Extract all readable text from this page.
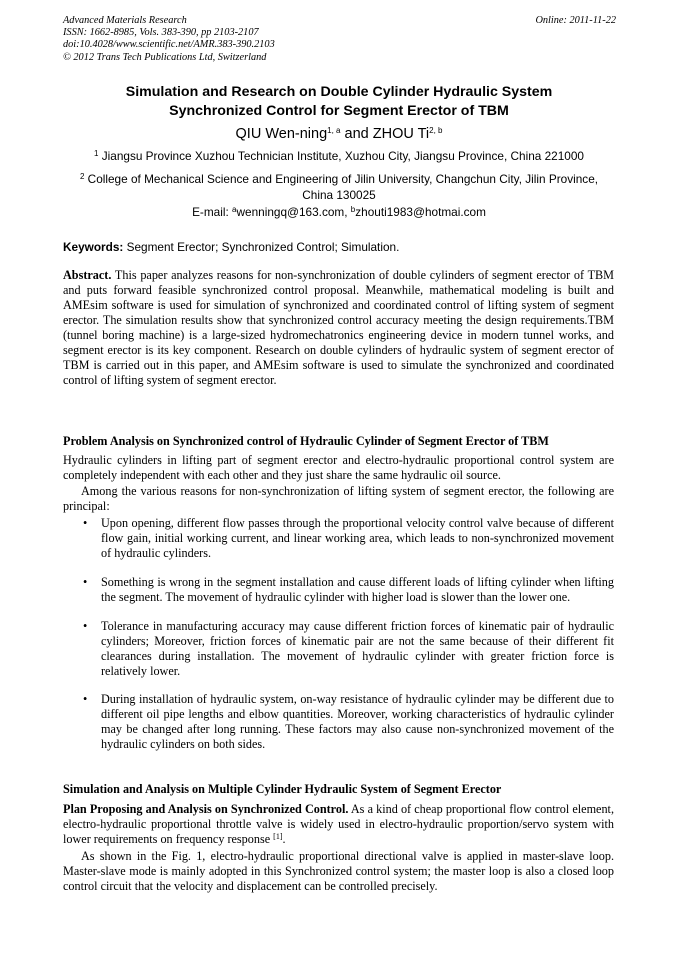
Advanced Materials Research
ISSN: 1662-8985, Vols. 383-390, pp 2103-2107
doi:10.4028/www.scientific.net/AMR.383-390.2103
© 2012 Trans Tech Publications Ltd, Switzerland
Online: 2011-11-22
Simulation and Research on Double Cylinder Hydraulic System
Synchronized Control for Segment Erector of TBM
QIU Wen-ning$^{1, a}$ and ZHOU Ti$^{2, b}$
$^1$ Jiangsu Province Xuzhou Technician Institute, Xuzhou City, Jiangsu Province, China 221000
$^2$ College of Mechanical Science and Engineering of Jilin University, Changchun City, Jilin Province,
China 130025
E-mail: $^a$wenningq@163.com, $^b$zhouti1983@hotmai.com
Keywords: Segment Erector; Synchronized Control; Simulation.
Abstract. This paper analyzes reasons for non-synchronization of double cylinders of segment erector of TBM and puts forward feasible synchronized control proposal. Meanwhile, mathematical modeling is built and AMEsim software is used for simulation of synchronized and coordinated control of lifting system of segment erector. The simulation results show that synchronized control accuracy meeting the design requirements.TBM (tunnel boring machine) is a large-sized hydromechatronics engineering device in modern tunnel works, and segment erector is its key component. Research on double cylinders of hydraulic system of segment erector of TBM is carried out in this paper, and AMEsim software is used to simulate the synchronized and coordinated control of lifting system of segment erector.
Problem Analysis on Synchronized control of Hydraulic Cylinder of Segment Erector of TBM
Hydraulic cylinders in lifting part of segment erector and electro-hydraulic proportional control system are completely independent with each other and they just share the same hydraulic oil source.
Among the various reasons for non-synchronization of lifting system of segment erector, the following are principal:
• Upon opening, different flow passes through the proportional velocity control valve because of different flow gain, initial working current, and linear working area, which leads to non-synchronized movement of hydraulic cylinders.
• Something is wrong in the segment installation and cause different loads of lifting cylinder when lifting the segment. The movement of hydraulic cylinder with higher load is slower than the lower one.
• Tolerance in manufacturing accuracy may cause different friction forces of kinematic pair of hydraulic cylinders; Moreover, friction forces of kinematic pair are not the same because of their different fit clearances during installation. The movement of hydraulic cylinder with greater friction force is relatively lower.
• During installation of hydraulic system, on-way resistance of hydraulic cylinder may be different due to different oil pipe lengths and elbow quantities. Moreover, working characteristics of hydraulic cylinder may be changed after long running. These factors may also cause non-synchronized movement of the hydraulic cylinders on both sides.
Simulation and Analysis on Multiple Cylinder Hydraulic System of Segment Erector
Plan Proposing and Analysis on Synchronized Control. As a kind of cheap proportional flow control element, electro-hydraulic proportional throttle valve is widely used in electro-hydraulic proportion/servo system with lower requirements on frequency response [1].
As shown in the Fig. 1, electro-hydraulic proportional directional valve is applied in master-slave loop. Master-slave mode is mainly adopted in this Synchronized control system; the master loop is also a closed loop control circuit that the velocity and displacement can be controlled precisely.
